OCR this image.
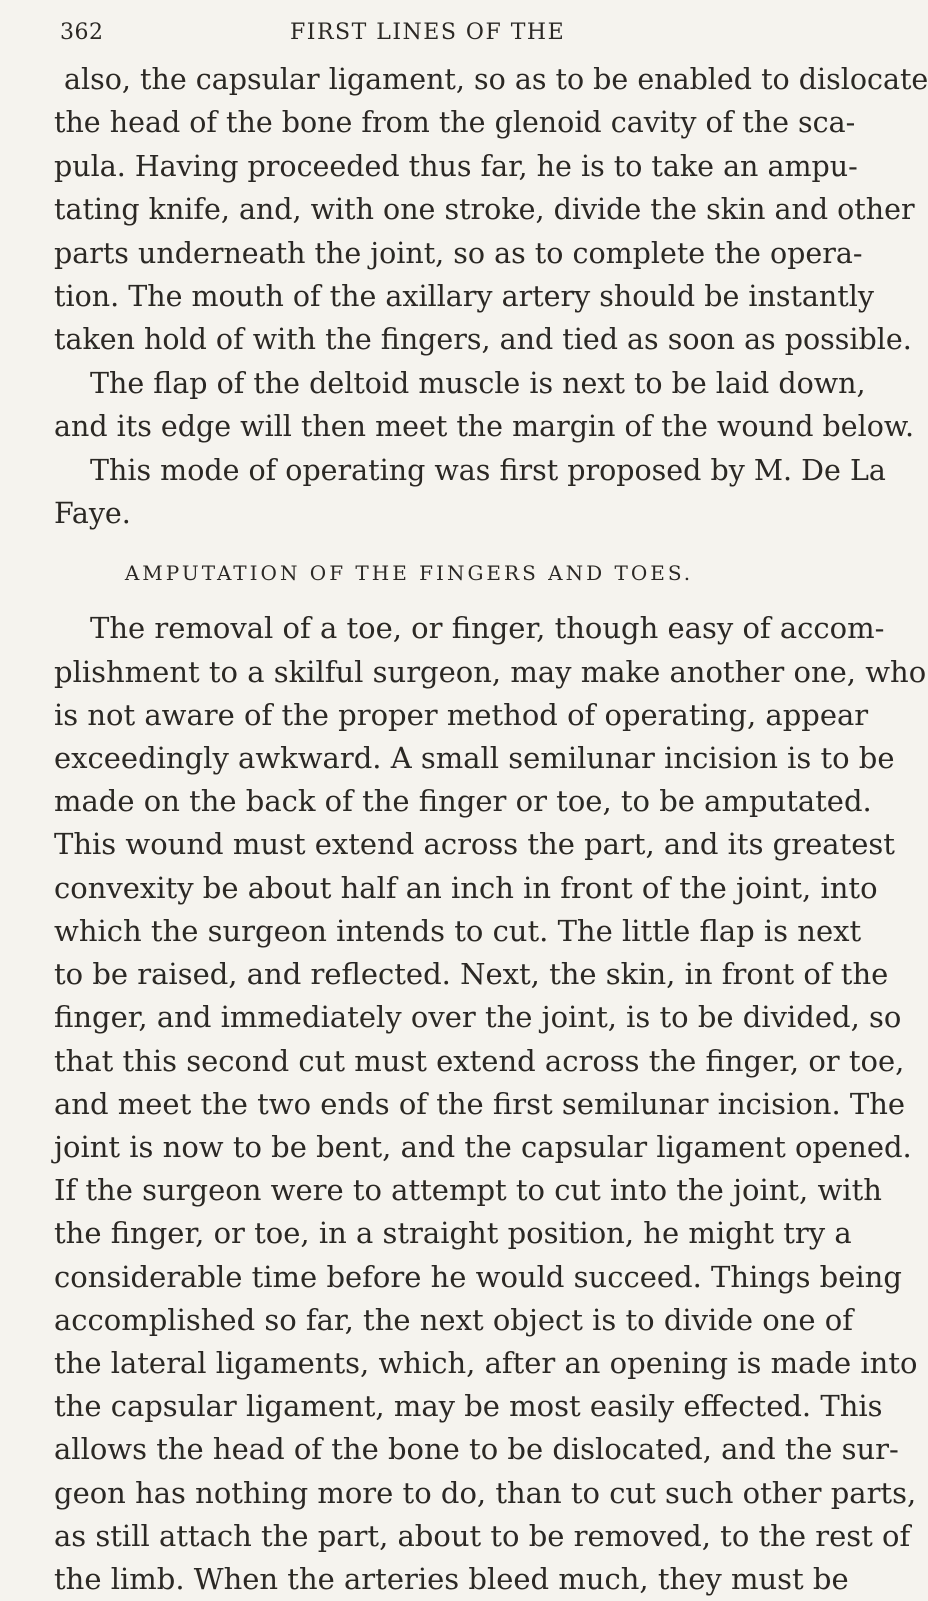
362	FIRST LINES OF THE
also, the capsular ligament, so as to be enabled to dislocate
the head of the bone from the glenoid cavity of the sca-
pula. Having proceeded thus far, he is to take an ampu-
tating knife, and, with one stroke, divide the skin and other
parts underneath the joint, so as to complete the opera-
tion. The mouth of the axillary artery should be instantly
taken hold of with the fingers, and tied as soon as possible.
The flap of the deltoid muscle is next to be laid down,
and its edge will then meet the margin of the wound below.
This mode of operating was first proposed by M. De La
Faye.
AMPUTATION OF THE FINGERS AND TOES.
The removal of a toe, or finger, though easy of accom-
plishment to a skilful surgeon, may make another one, who
is not aware of the proper method of operating, appear
exceedingly awkward. A small semilunar incision is to be
made on the back of the finger or toe, to be amputated.
This wound must extend across the part, and its greatest
convexity be about half an inch in front of the joint, into
which the surgeon intends to cut. The little flap is next
to be raised, and reflected. Next, the skin, in front of the
finger, and immediately over the joint, is to be divided, so
that this second cut must extend across the finger, or toe,
and meet the two ends of the first semilunar incision. The
joint is now to be bent, and the capsular ligament opened.
If the surgeon were to attempt to cut into the joint, with
the finger, or toe, in a straight position, he might try a
considerable time before he would succeed. Things being
accomplished so far, the next object is to divide one of
the lateral ligaments, which, after an opening is made into
the capsular ligament, may be most easily effected. This
allows the head of the bone to be dislocated, and the sur-
geon has nothing more to do, than to cut such other parts,
as still attach the part, about to be removed, to the rest of
the limb. When the arteries bleed much, they must be
